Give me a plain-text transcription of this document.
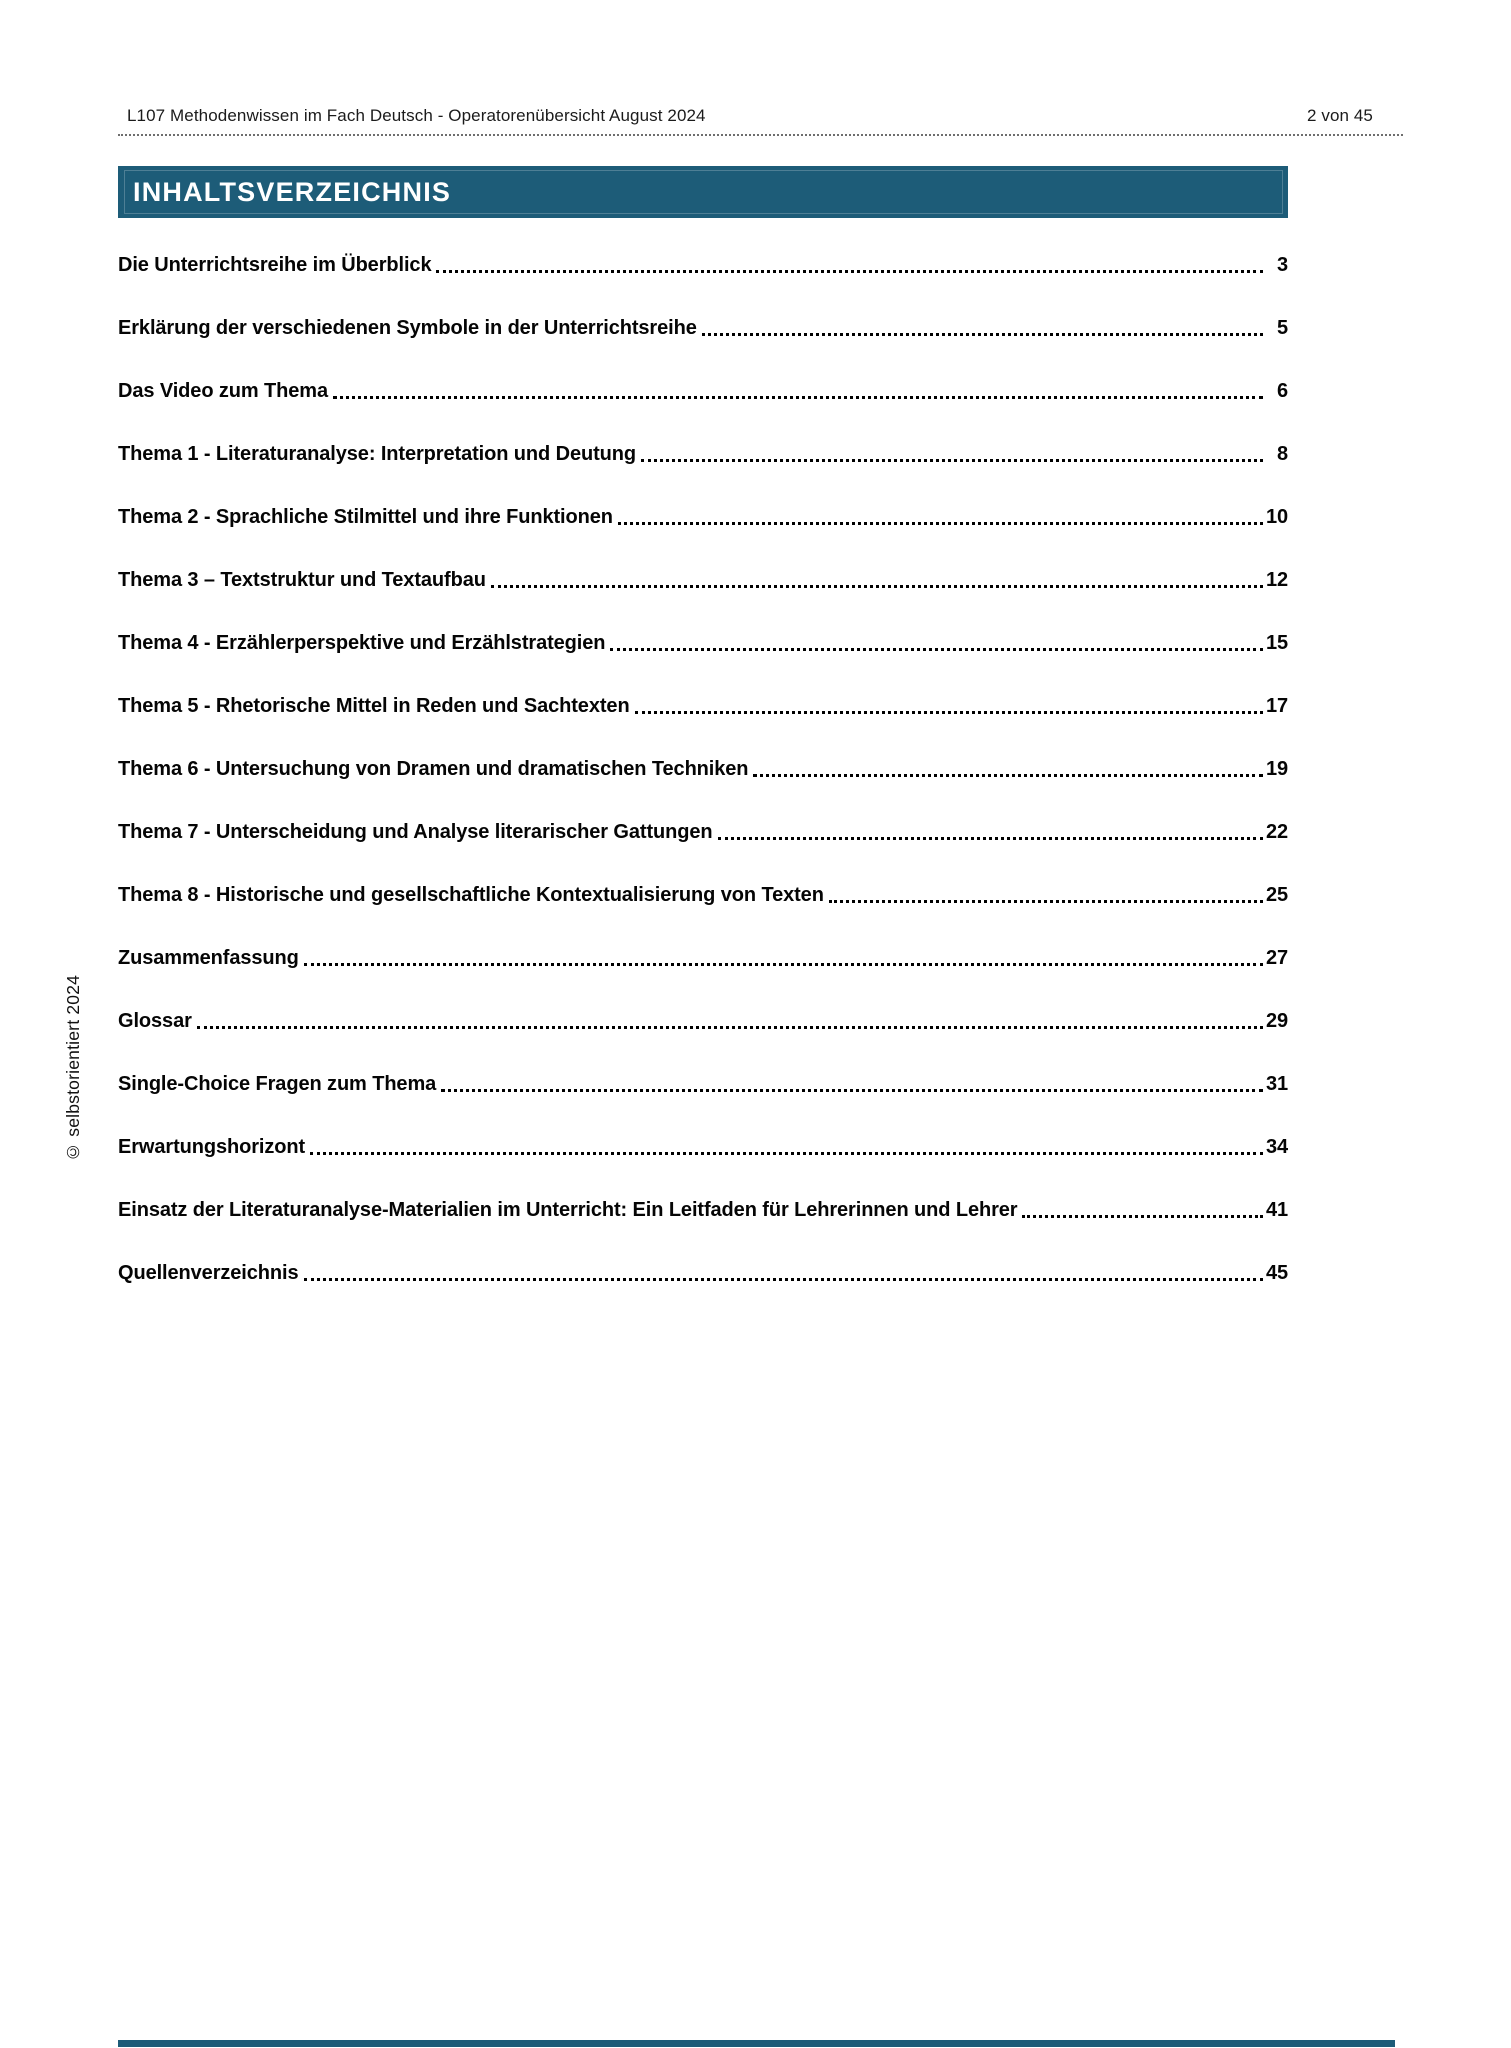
L107 Methodenwissen im Fach Deutsch - Operatorenübersicht August 2024	2 von 45
INHALTSVERZEICHNIS
Die Unterrichtsreihe im Überblick	3
Erklärung der verschiedenen Symbole in der Unterrichtsreihe	5
Das Video zum Thema	6
Thema 1 - Literaturanalyse: Interpretation und Deutung	8
Thema 2 - Sprachliche Stilmittel und ihre Funktionen	10
Thema 3 – Textstruktur und Textaufbau	12
Thema 4 - Erzählerperspektive und Erzählstrategien	15
Thema 5 - Rhetorische Mittel in Reden und Sachtexten	17
Thema 6 - Untersuchung von Dramen und dramatischen Techniken	19
Thema 7 - Unterscheidung und Analyse literarischer Gattungen	22
Thema 8 - Historische und gesellschaftliche Kontextualisierung von Texten	25
Zusammenfassung	27
Glossar	29
Single-Choice Fragen zum Thema	31
Erwartungshorizont	34
Einsatz der Literaturanalyse-Materialien im Unterricht: Ein Leitfaden für Lehrerinnen und Lehrer	41
Quellenverzeichnis	45
© selbstorientiert 2024
